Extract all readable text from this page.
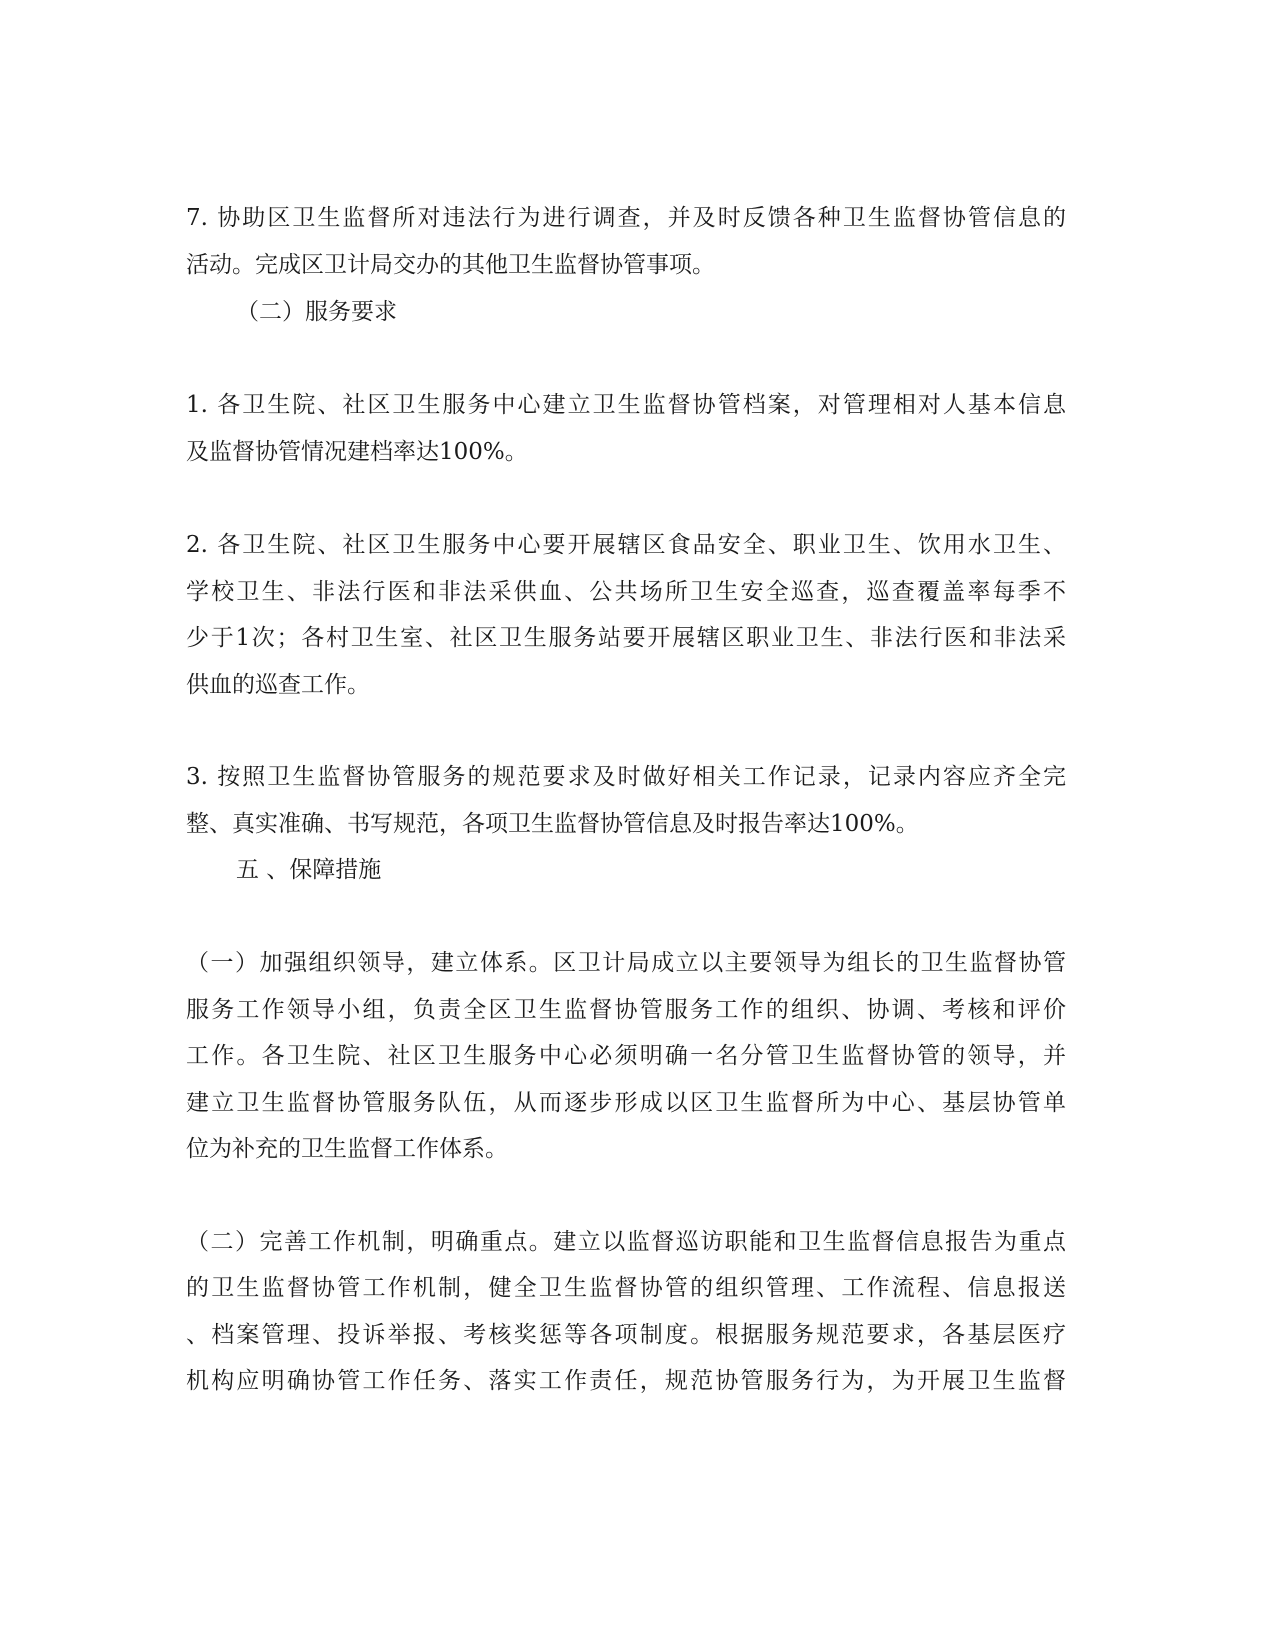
7. 协助区卫生监督所对违法行为进行调查，并及时反馈各种卫生监督协管信息的

活动。完成区卫计局交办的其他卫生监督协管事项。

（二）服务要求

1. 各卫生院、社区卫生服务中心建立卫生监督协管档案，对管理相对人基本信息

及监督协管情况建档率达100%。

2. 各卫生院、社区卫生服务中心要开展辖区食品安全、职业卫生、饮用水卫生、

学校卫生、非法行医和非法采供血、公共场所卫生安全巡查，巡查覆盖率每季不

少于1次；各村卫生室、社区卫生服务站要开展辖区职业卫生、非法行医和非法采

供血的巡查工作。

3. 按照卫生监督协管服务的规范要求及时做好相关工作记录，记录内容应齐全完

整、真实准确、书写规范，各项卫生监督协管信息及时报告率达100%。

五 、保障措施

（一）加强组织领导，建立体系。区卫计局成立以主要领导为组长的卫生监督协管

服务工作领导小组，负责全区卫生监督协管服务工作的组织、协调、考核和评价

工作。各卫生院、社区卫生服务中心必须明确一名分管卫生监督协管的领导，并

建立卫生监督协管服务队伍，从而逐步形成以区卫生监督所为中心、基层协管单

位为补充的卫生监督工作体系。

（二）完善工作机制，明确重点。建立以监督巡访职能和卫生监督信息报告为重点

的卫生监督协管工作机制，健全卫生监督协管的组织管理、工作流程、信息报送

、档案管理、投诉举报、考核奖惩等各项制度。根据服务规范要求，各基层医疗

机构应明确协管工作任务、落实工作责任，规范协管服务行为，为开展卫生监督
